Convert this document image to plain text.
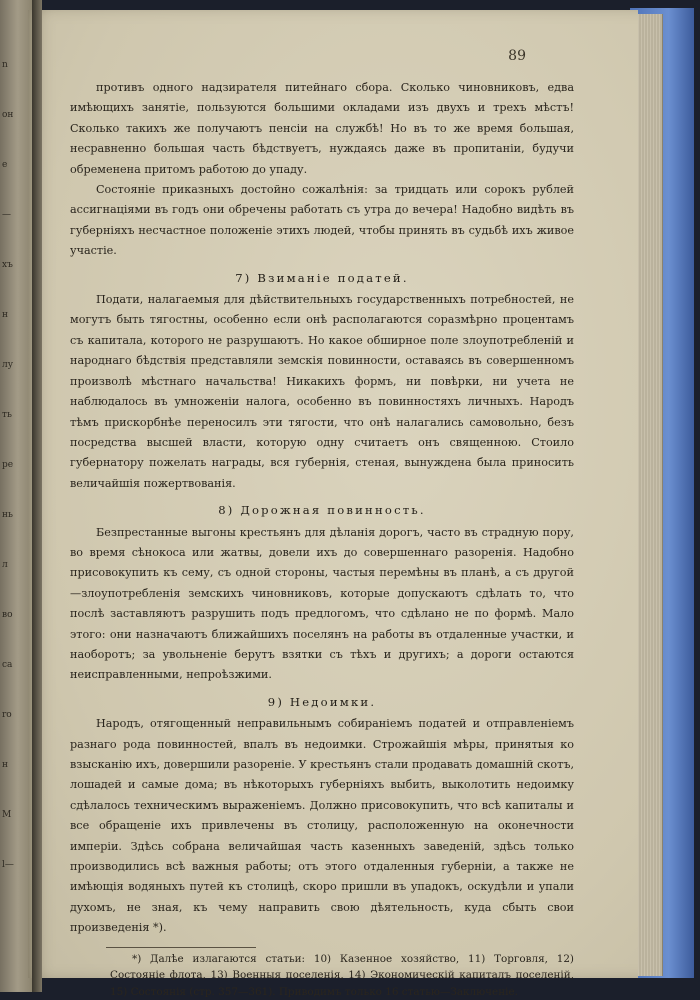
n
он
e
—
хъ
н
лу
ть
ре
нь
л
во
ca
ro
н
M
l—
89

противъ одного надзирателя питейнаго сбора. Сколько чиновниковъ, едва имѣющихъ занятіе, пользуются большими окладами изъ двухъ и трехъ мѣстъ! Сколько такихъ же получаютъ пенсіи на службѣ! Но въ то же время большая, несравненно большая часть бѣдствуетъ, нуждаясь даже въ пропитаніи, будучи обременена притомъ работою до упаду.

Состояніе приказныхъ достойно сожалѣнія: за тридцать или сорокъ рублей ассигнаціями въ годъ они обречены работать съ утра до вечера! Надобно видѣть въ губерніяхъ несчастное положеніе этихъ людей, чтобы принять въ судьбѣ ихъ живое участіе.

7) Взиманіе податей.

Подати, налагаемыя для дѣйствительныхъ государственныхъ потребностей, не могутъ быть тягостны, особенно если онѣ располагаются соразмѣрно процентамъ съ капитала, которого не разрушаютъ. Но какое обширное поле злоупотребленій и народнаго бѣдствія представляли земскія повинности, оставаясь въ совершенномъ произволѣ мѣстнаго начальства! Никакихъ формъ, ни повѣрки, ни учета не наблюдалось въ умноженіи налога, особенно въ повинностяхъ личныхъ. Народъ тѣмъ прискорбнѣе переносилъ эти тягости, что онѣ налагались самовольно, безъ посредства высшей власти, которую одну считаетъ онъ священною. Стоило губернатору пожелать награды, вся губернія, стеная, вынуждена была приносить величайшія пожертвованія.

8) Дорожная повинность.

Безпрестанные выгоны крестьянъ для дѣланія дорогъ, часто въ страдную пору, во время сѣнокоса или жатвы, довели ихъ до совершеннаго разоренія. Надобно присовокупить къ сему, съ одной стороны, частыя перемѣны въ планѣ, а съ другой—злоупотребленія земскихъ чиновниковъ, которые допускаютъ сдѣлать то, что послѣ заставляютъ разрушить подъ предлогомъ, что сдѣлано не по формѣ. Мало этого: они назначаютъ ближайшихъ поселянъ на работы въ отдаленные участки, и наоборотъ; за увольненіе берутъ взятки съ тѣхъ и другихъ; а дороги остаются неисправленными, непроѣзжими.

9) Недоимки.

Народъ, отягощенный неправильнымъ собираніемъ податей и отправленіемъ разнаго рода повинностей, впалъ въ недоимки. Строжайшія мѣры, принятыя ко взысканію ихъ, довершили разореніе. У крестьянъ стали продавать домашній скотъ, лошадей и самые дома; въ нѣкоторыхъ губерніяхъ выбить, выколотить недоимку сдѣлалось техническимъ выраженіемъ. Должно присовокупить, что всѣ капиталы и все обращеніе ихъ привлечены въ столицу, расположенную на оконечности имперіи. Здѣсь собрана величайшая часть казенныхъ заведеній, здѣсь только производились всѣ важныя работы; отъ этого отдаленныя губерніи, а также не имѣющія водяныхъ путей къ столицѣ, скоро пришли въ упадокъ, оскудѣли и упали духомъ, не зная, къ чему направить свою дѣятельность, куда сбыть свои произведенія *).

*) Далѣе излагаются статьи: 10) Казенное хозяйство, 11) Торговля, 12) Состояніе флота, 13) Военныя поселенія, 14) Экономическій капиталъ поселеній, 15) Состоянія (стр. 357—361). Приводимъ только 16 статью—Заключеніе.
